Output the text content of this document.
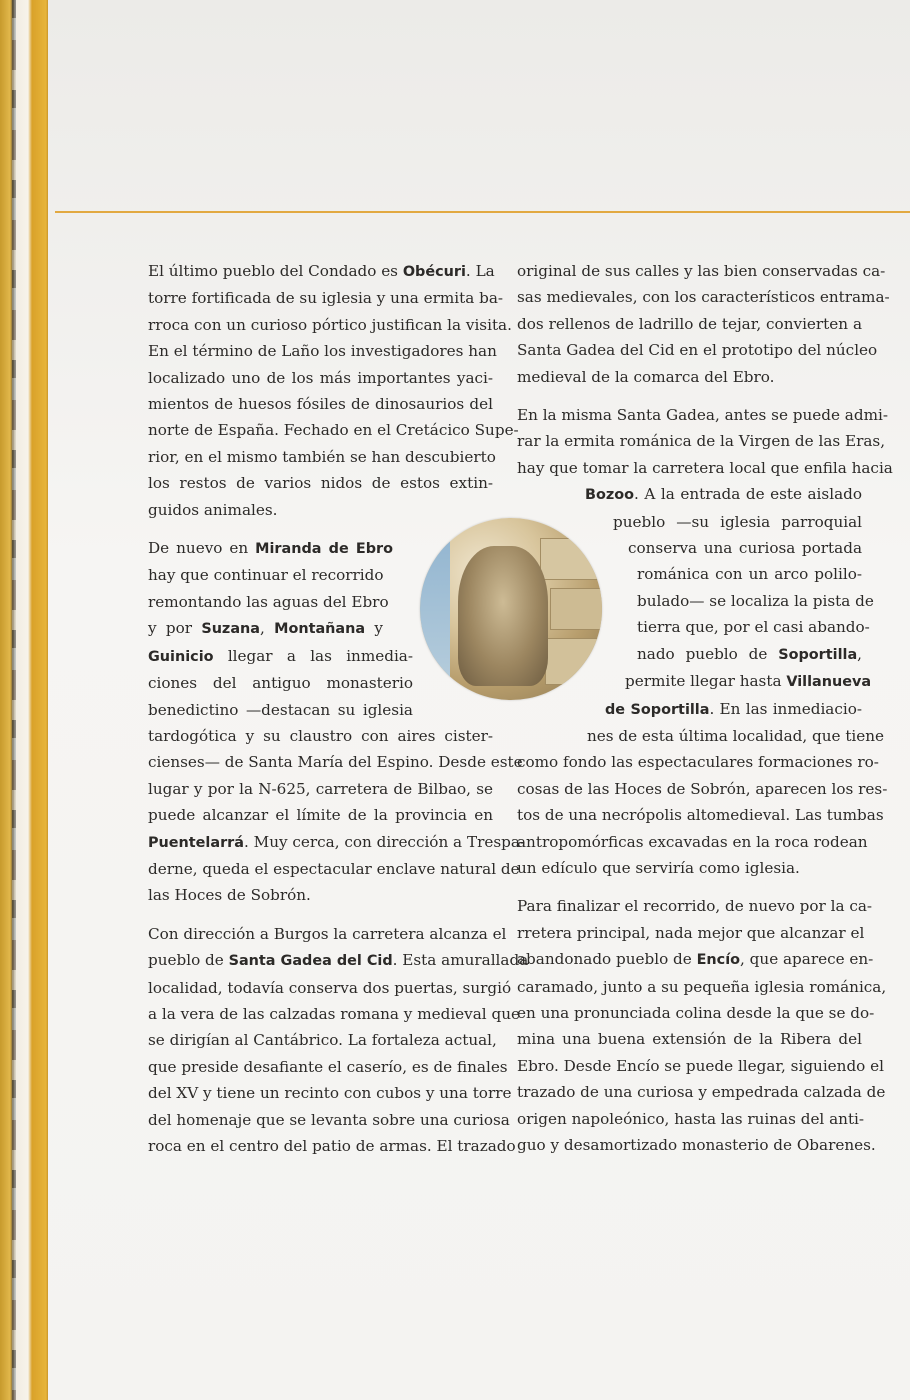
El último pueblo del Condado es Obécuri. La
torre fortificada de su iglesia y una ermita ba-
rroca con un curioso pórtico justifican la visita.
En el término de Laño los investigadores han
localizado uno de los más importantes yaci-
mientos de huesos fósiles de dinosaurios del
norte de España. Fechado en el Cretácico Supe-
rior, en el mismo también se han descubierto
los restos de varios nidos de estos extin-
guidos animales.

De nuevo en Miranda de Ebro
hay que continuar el recorrido
remontando las aguas del Ebro
y por Suzana, Montañana y
Guinicio llegar a las inmedia-
ciones del antiguo monasterio
benedictino —destacan su iglesia
tardogótica y su claustro con aires cister-
cienses— de Santa María del Espino. Desde este
lugar y por la N-625, carretera de Bilbao, se
puede alcanzar el límite de la provincia en
Puentelarrá. Muy cerca, con dirección a Trespa-
derne, queda el espectacular enclave natural de
las Hoces de Sobrón.

Con dirección a Burgos la carretera alcanza el
pueblo de Santa Gadea del Cid. Esta amurallada
localidad, todavía conserva dos puertas, surgió
a la vera de las calzadas romana y medieval que
se dirigían al Cantábrico. La fortaleza actual,
que preside desafiante el caserío, es de finales
del XV y tiene un recinto con cubos y una torre
del homenaje que se levanta sobre una curiosa
roca en el centro del patio de armas. El trazado

original de sus calles y las bien conservadas ca-
sas medievales, con los característicos entrama-
dos rellenos de ladrillo de tejar, convierten a
Santa Gadea del Cid en el prototipo del núcleo
medieval de la comarca del Ebro.

En la misma Santa Gadea, antes se puede admi-
rar la ermita románica de la Virgen de las Eras,
hay que tomar la carretera local que enfila hacia
Bozoo. A la entrada de este aislado
pueblo —su iglesia parroquial
conserva una curiosa portada
románica con un arco polilo-
bulado— se localiza la pista de
tierra que, por el casi abando-
nado pueblo de Soportilla,
permite llegar hasta Villanueva
de Soportilla. En las inmediacio-
nes de esta última localidad, que tiene
como fondo las espectaculares formaciones ro-
cosas de las Hoces de Sobrón, aparecen los res-
tos de una necrópolis altomedieval. Las tumbas
antropomórficas excavadas en la roca rodean
un edículo que serviría como iglesia.

Para finalizar el recorrido, de nuevo por la ca-
rretera principal, nada mejor que alcanzar el
abandonado pueblo de Encío, que aparece en-
caramado, junto a su pequeña iglesia románica,
en una pronunciada colina desde la que se do-
mina una buena extensión de la Ribera del
Ebro. Desde Encío se puede llegar, siguiendo el
trazado de una curiosa y empedrada calzada de
origen napoleónico, hasta las ruinas del anti-
guo y desamortizado monasterio de Obarenes.
